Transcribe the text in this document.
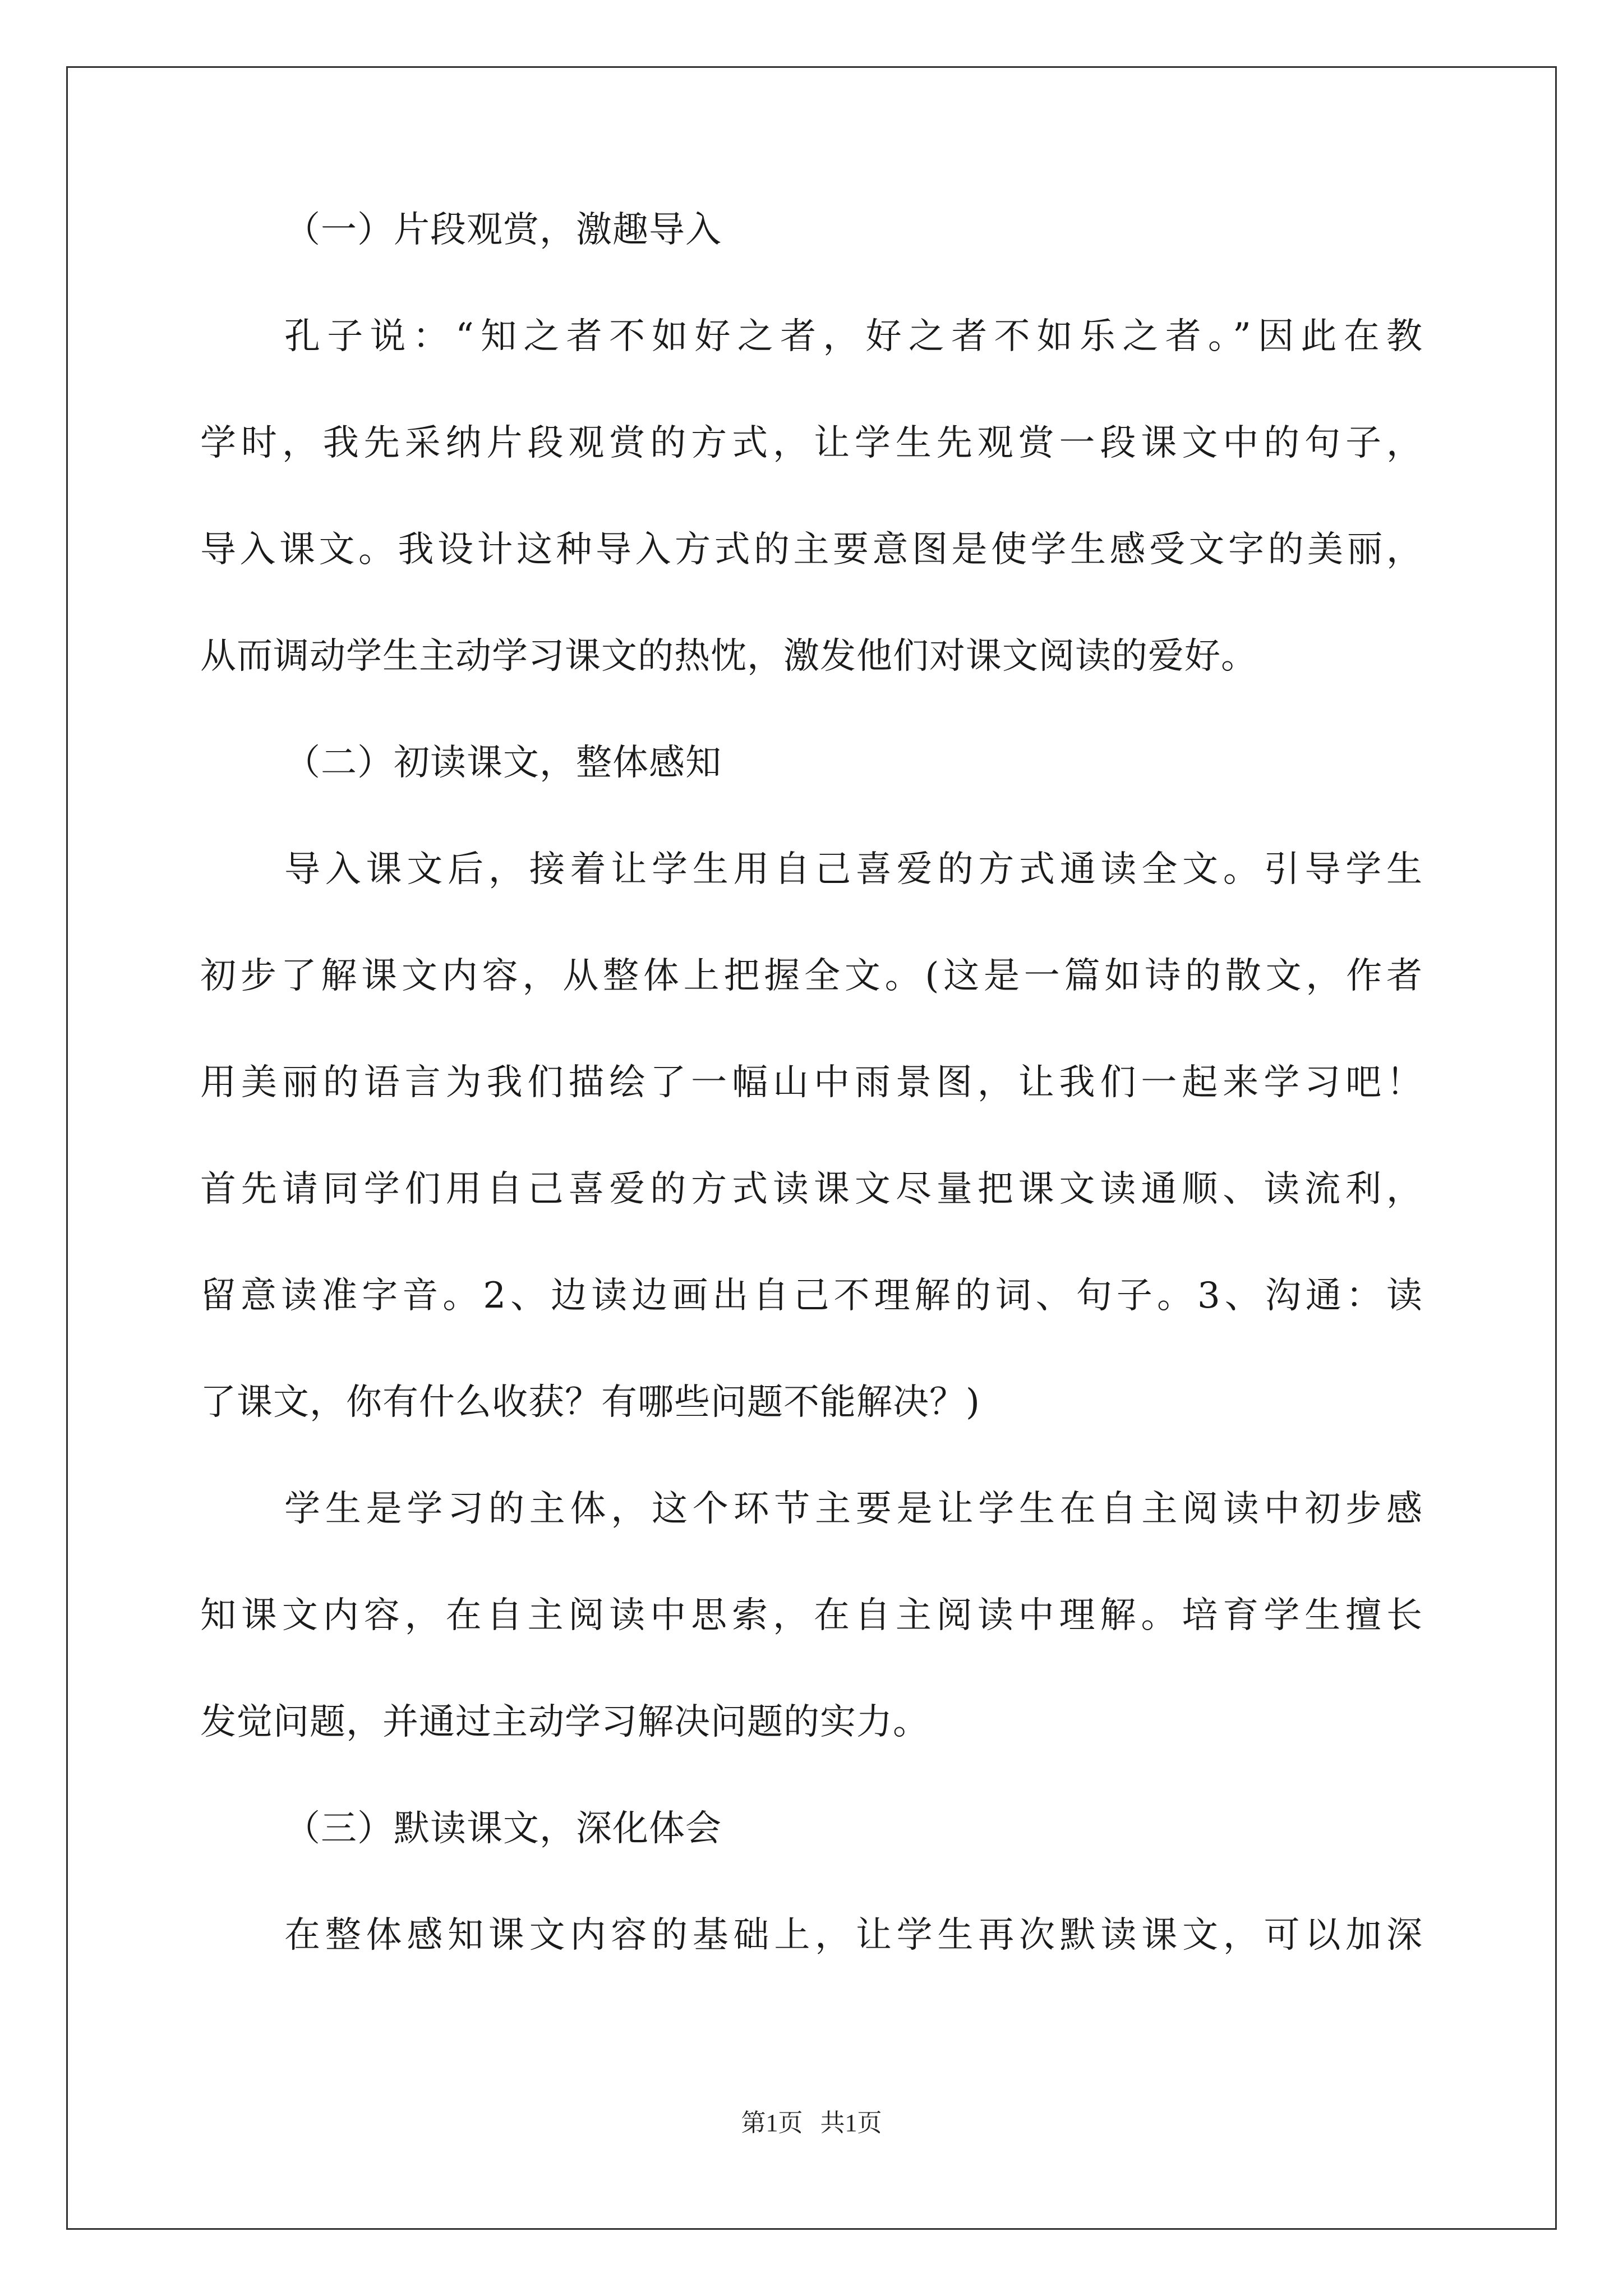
（一）片段观赏，激趣导入
孔子说：“知之者不如好之者，好之者不如乐之者。”因此在教
学时，我先采纳片段观赏的方式，让学生先观赏一段课文中的句子，
导入课文。我设计这种导入方式的主要意图是使学生感受文字的美丽，
从而调动学生主动学习课文的热忱，激发他们对课文阅读的爱好。
（二）初读课文，整体感知
导入课文后，接着让学生用自己喜爱的方式通读全文。引导学生
初步了解课文内容，从整体上把握全文。(这是一篇如诗的散文，作者
用美丽的语言为我们描绘了一幅山中雨景图，让我们一起来学习吧！
首先请同学们用自己喜爱的方式读课文尽量把课文读通顺、读流利，
留意读准字音。2、边读边画出自己不理解的词、句子。3、沟通：读
了课文，你有什么收获？有哪些问题不能解决？)
学生是学习的主体，这个环节主要是让学生在自主阅读中初步感
知课文内容，在自主阅读中思索，在自主阅读中理解。培育学生擅长
发觉问题，并通过主动学习解决问题的实力。
（三）默读课文，深化体会
在整体感知课文内容的基础上，让学生再次默读课文，可以加深
第1页 共1页
